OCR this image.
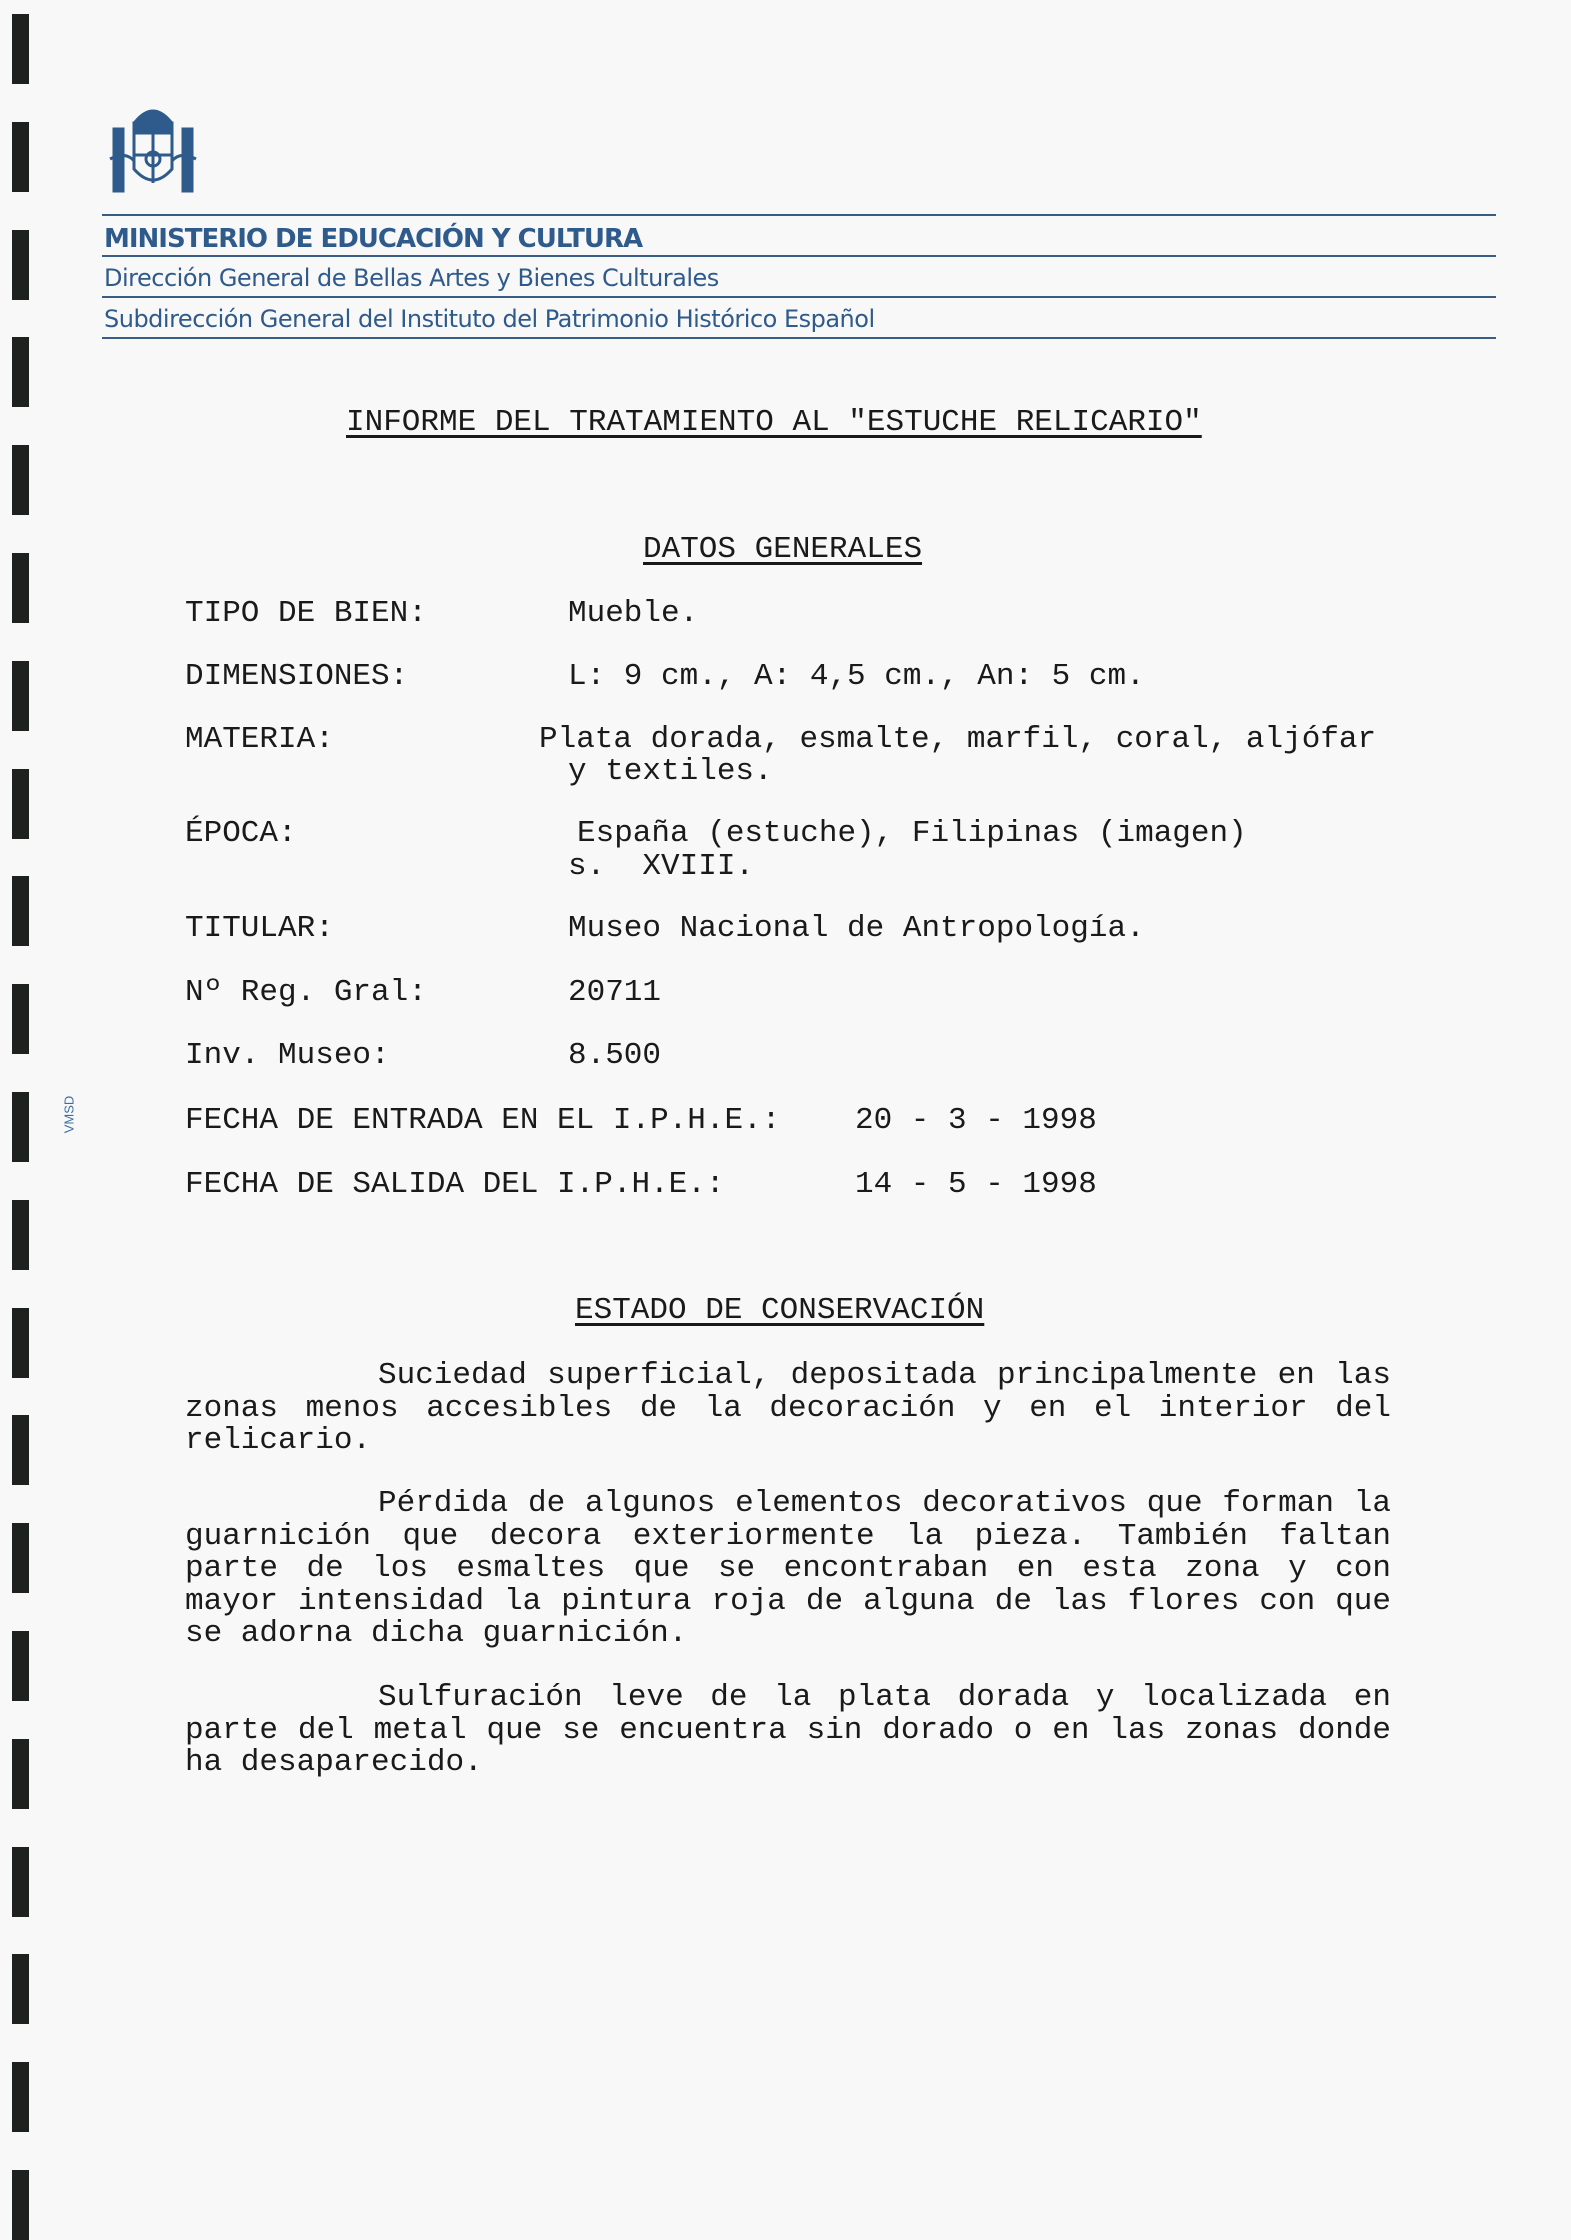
MINISTERIO DE EDUCACIÓN Y CULTURA
Dirección General de Bellas Artes y Bienes Culturales
Subdirección General del Instituto del Patrimonio Histórico Español
VMSD
INFORME DEL TRATAMIENTO AL "ESTUCHE RELICARIO"
DATOS GENERALES
TIPO DE BIEN:	Mueble.
DIMENSIONES:	L: 9 cm., A: 4,5 cm., An: 5 cm.
MATERIA:	Plata dorada, esmalte, marfil, coral, aljófar
y textiles.
ÉPOCA:	España (estuche), Filipinas (imagen)
s.  XVIII.
TITULAR:	Museo Nacional de Antropología.
Nº Reg. Gral:	20711
Inv. Museo:	8.500
FECHA DE ENTRADA EN EL I.P.H.E.: 20 - 3 - 1998
FECHA DE SALIDA DEL I.P.H.E.:	14 - 5 - 1998
ESTADO DE CONSERVACIÓN
Suciedad superficial, depositada principalmente en las zonas menos accesibles de la decoración y en el interior del relicario.
Pérdida de algunos elementos decorativos que forman la guarnición que decora exteriormente la pieza. También faltan parte de los esmaltes que se encontraban en esta zona y con mayor intensidad la pintura roja de alguna de las flores con que se adorna dicha guarnición.
Sulfuración leve de la plata dorada y localizada en parte del metal que se encuentra sin dorado o en las zonas donde ha desaparecido.
